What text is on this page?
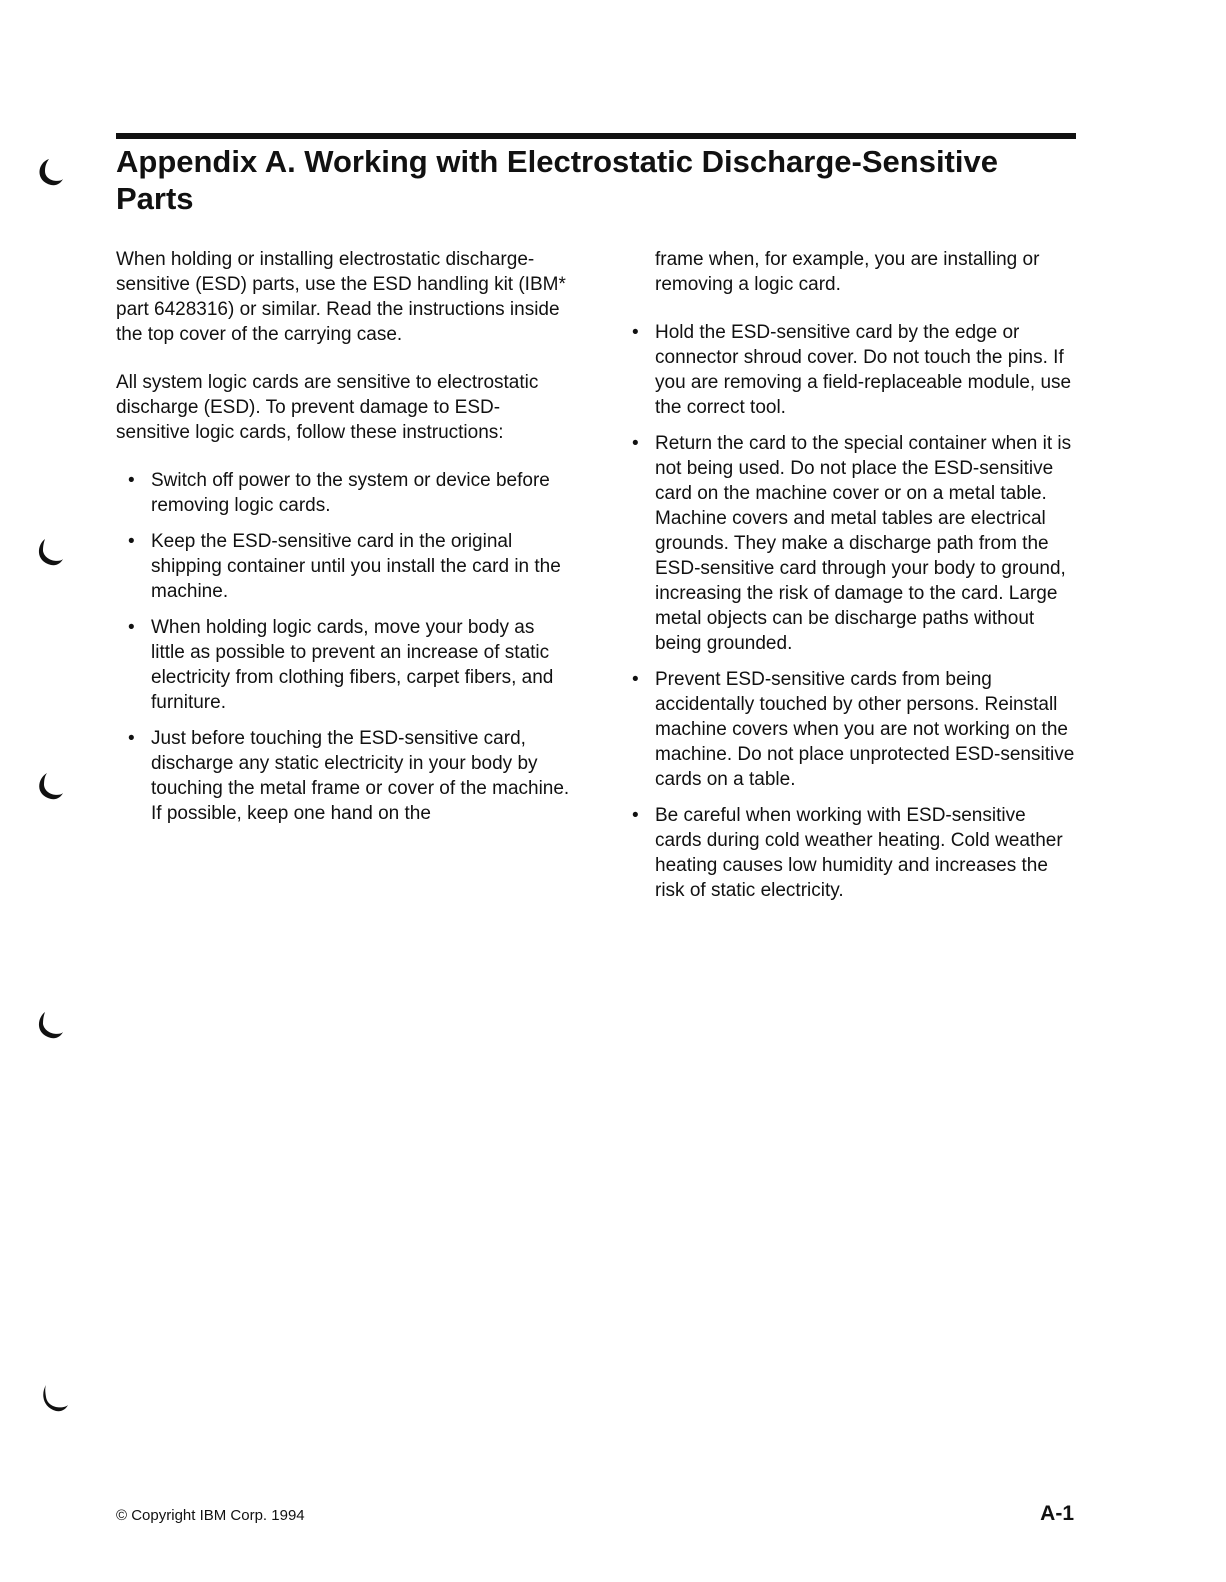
Appendix A. Working with Electrostatic Discharge-Sensitive Parts

When holding or installing electrostatic discharge-sensitive (ESD) parts, use the ESD handling kit (IBM* part 6428316) or similar. Read the instructions inside the top cover of the carrying case.

All system logic cards are sensitive to electrostatic discharge (ESD). To prevent damage to ESD-sensitive logic cards, follow these instructions:

• Switch off power to the system or device before removing logic cards.
• Keep the ESD-sensitive card in the original shipping container until you install the card in the machine.
• When holding logic cards, move your body as little as possible to prevent an increase of static electricity from clothing fibers, carpet fibers, and furniture.
• Just before touching the ESD-sensitive card, discharge any static electricity in your body by touching the metal frame or cover of the machine. If possible, keep one hand on the

frame when, for example, you are installing or removing a logic card.

• Hold the ESD-sensitive card by the edge or connector shroud cover. Do not touch the pins. If you are removing a field-replaceable module, use the correct tool.
• Return the card to the special container when it is not being used. Do not place the ESD-sensitive card on the machine cover or on a metal table. Machine covers and metal tables are electrical grounds. They make a discharge path from the ESD-sensitive card through your body to ground, increasing the risk of damage to the card. Large metal objects can be discharge paths without being grounded.
• Prevent ESD-sensitive cards from being accidentally touched by other persons. Reinstall machine covers when you are not working on the machine. Do not place unprotected ESD-sensitive cards on a table.
• Be careful when working with ESD-sensitive cards during cold weather heating. Cold weather heating causes low humidity and increases the risk of static electricity.
© Copyright IBM Corp. 1994	A-1
